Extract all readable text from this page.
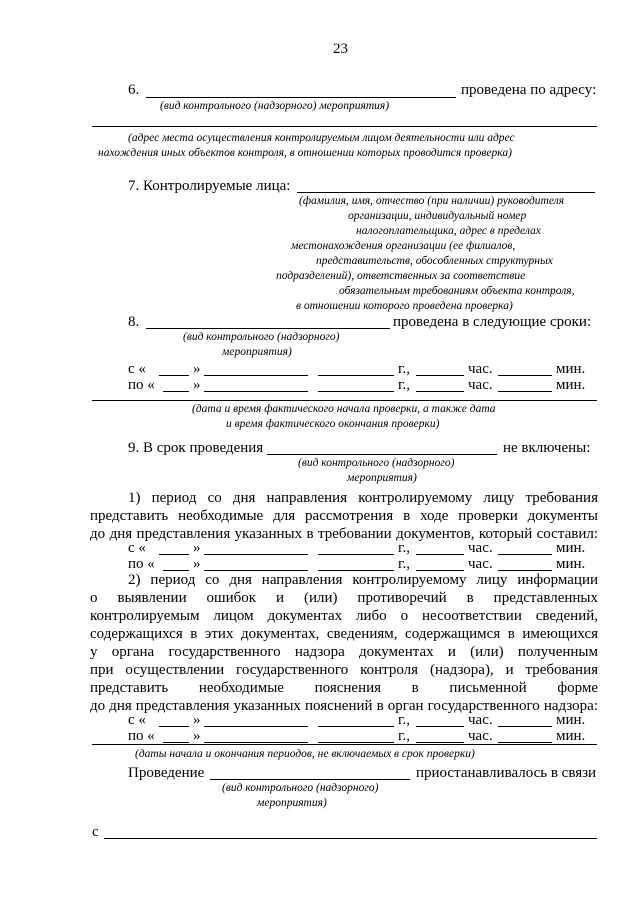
23
6.	проведена по адресу:
(вид контрольного (надзорного) мероприятия)
(адрес места осуществления контролируемым лицом деятельности или адрес
нахождения иных объектов контроля, в отношении которых проводится проверка)
7. Контролируемые лица:
(фамилия, имя, отчество (при наличии) руководителя
организации, индивидуальный номер
налогоплательщика, адрес в пределах
местонахождения организации (ее филиалов,
представительств, обособленных структурных
подразделений), ответственных за соответствие
обязательным требованиям объекта контроля,
в отношении которого проведена проверка)
8.	проведена в следующие сроки:
(вид контрольного (надзорного)
мероприятия)
с «	»	г.,	час.	мин.
по «	»	г.,	час.	мин.
(дата и время фактического начала проверки, а также дата
и время фактического окончания проверки)
9. В срок проведения	не включены:
(вид контрольного (надзорного)
мероприятия)
1) период со дня направления контролируемому лицу требования
представить необходимые для рассмотрения в ходе проверки документы
до дня представления указанных в требовании документов, который составил:
с «	»	г.,	час.	мин.
по «	»	г.,	час.	мин.
2) период со дня направления контролируемому лицу информации
о выявлении ошибок и (или) противоречий в представленных
контролируемым лицом документах либо о несоответствии сведений,
содержащихся в этих документах, сведениям, содержащимся в имеющихся
у органа государственного надзора документах и (или) полученным
при осуществлении государственного контроля (надзора), и требования
представить необходимые пояснения в письменной форме
до дня представления указанных пояснений в орган государственного надзора:
с «	»	г.,	час.	мин.
по «	»	г.,	час.	мин.
(даты начала и окончания периодов, не включаемых в срок проверки)
Проведение	приостанавливалось в связи
(вид контрольного (надзорного)
мероприятия)
с
